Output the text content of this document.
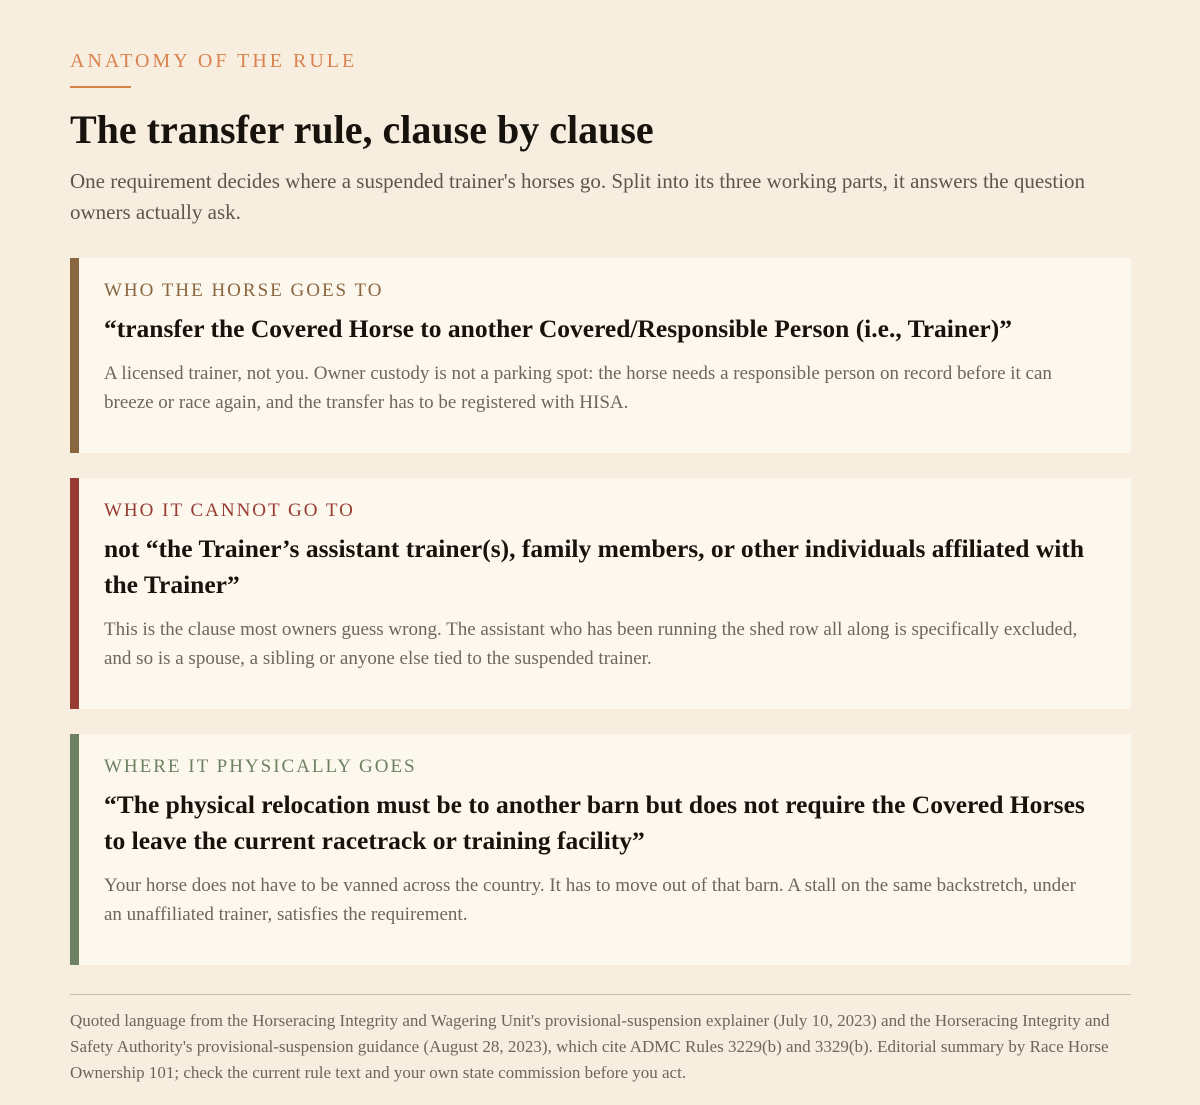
ANATOMY OF THE RULE

The transfer rule, clause by clause

One requirement decides where a suspended trainer's horses go. Split into its three working parts, it answers the question owners actually ask.

WHO THE HORSE GOES TO

“transfer the Covered Horse to another Covered/Responsible Person (i.e., Trainer)”

A licensed trainer, not you. Owner custody is not a parking spot: the horse needs a responsible person on record before it can breeze or race again, and the transfer has to be registered with HISA.

WHO IT CANNOT GO TO

not “the Trainer’s assistant trainer(s), family members, or other individuals affiliated with the Trainer”

This is the clause most owners guess wrong. The assistant who has been running the shed row all along is specifically excluded, and so is a spouse, a sibling or anyone else tied to the suspended trainer.

WHERE IT PHYSICALLY GOES

“The physical relocation must be to another barn but does not require the Covered Horses to leave the current racetrack or training facility”

Your horse does not have to be vanned across the country. It has to move out of that barn. A stall on the same backstretch, under an unaffiliated trainer, satisfies the requirement.

Quoted language from the Horseracing Integrity and Wagering Unit's provisional-suspension explainer (July 10, 2023) and the Horseracing Integrity and Safety Authority's provisional-suspension guidance (August 28, 2023), which cite ADMC Rules 3229(b) and 3329(b). Editorial summary by Race Horse Ownership 101; check the current rule text and your own state commission before you act.
